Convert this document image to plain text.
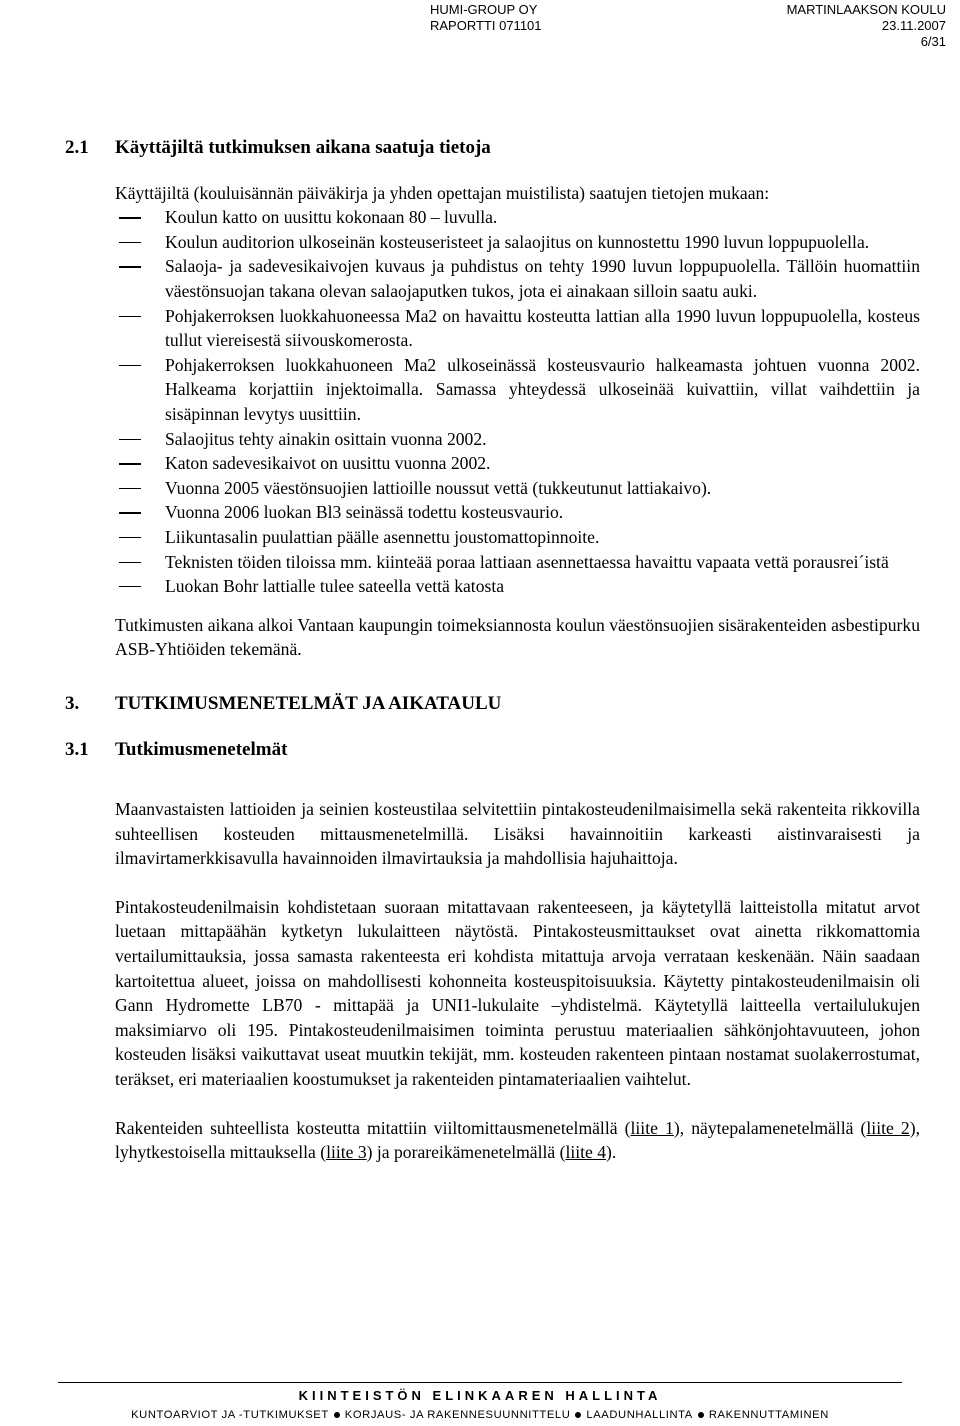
HUMI-GROUP OY
RAPORTTI 071101
MARTINLAAKSON KOULU
23.11.2007
6/31
2.1 Käyttäjiltä tutkimuksen aikana saatuja tietoja
Käyttäjiltä (kouluisännän päiväkirja ja yhden opettajan muistilista) saatujen tietojen mukaan:
Koulun katto on uusittu kokonaan 80 – luvulla.
Koulun auditorion ulkoseinän kosteuseristeet ja salaojitus on kunnostettu 1990 luvun loppupuolella.
Salaoja- ja sadevesikaivojen kuvaus ja puhdistus on tehty 1990 luvun loppupuolella. Tällöin huomattiin väestönsuojan takana olevan salaojaputken tukos, jota ei ainakaan silloin saatu auki.
Pohjakerroksen luokkahuoneessa Ma2 on havaittu kosteutta lattian alla 1990 luvun loppupuolella, kosteus tullut viereisestä siivouskomerosta.
Pohjakerroksen luokkahuoneen Ma2 ulkoseinässä kosteusvaurio halkeamasta johtuen vuonna 2002. Halkeama korjattiin injektoimalla. Samassa yhteydessä ulkoseinää kuivattiin, villat vaihdettiin ja sisäpinnan levytys uusittiin.
Salaojitus tehty ainakin osittain vuonna 2002.
Katon sadevesikaivot on uusittu vuonna 2002.
Vuonna 2005 väestönsuojien lattioille noussut vettä (tukkeutunut lattiakaivo).
Vuonna 2006 luokan Bl3 seinässä todettu kosteusvaurio.
Liikuntasalin puulattian päälle asennettu joustomattopinnoite.
Teknisten töiden tiloissa mm. kiinteää poraa lattiaan asennettaessa havaittu vapaata vettä porausrei´istä
Luokan Bohr lattialle tulee sateella vettä katosta
Tutkimusten aikana alkoi Vantaan kaupungin toimeksiannosta koulun väestönsuojien sisärakenteiden asbestipurku ASB-Yhtiöiden tekemänä.
3. TUTKIMUSMENETELMÄT JA AIKATAULU
3.1 Tutkimusmenetelmät
Maanvastaisten lattioiden ja seinien kosteustilaa selvitettiin pintakosteudenilmaisimella sekä rakenteita rikkovilla suhteellisen kosteuden mittausmenetelmillä. Lisäksi havainnoitiin karkeasti aistinvaraisesti ja ilmavirtamerkkisavulla havainnoiden ilmavirtauksia ja mahdollisia hajuhaittoja.
Pintakosteudenilmaisin kohdistetaan suoraan mitattavaan rakenteeseen, ja käytetyllä laitteistolla mitatut arvot luetaan mittapäähän kytketyn lukulaitteen näytöstä. Pintakosteusmittaukset ovat ainetta rikkomattomia vertailumittauksia, jossa samasta rakenteesta eri kohdista mitattuja arvoja verrataan keskenään. Näin saadaan kartoitettua alueet, joissa on mahdollisesti kohonneita kosteuspitoisuuksia. Käytetty pintakosteudenilmaisin oli Gann Hydromette LB70 - mittapää ja UNI1-lukulaite –yhdistelmä. Käytetyllä laitteella vertailulukujen maksimiarvo oli 195. Pintakosteudenilmaisimen toiminta perustuu materiaalien sähkönjohtavuuteen, johon kosteuden lisäksi vaikuttavat useat muutkin tekijät, mm. kosteuden rakenteen pintaan nostamat suolakerrostumat, teräkset, eri materiaalien koostumukset ja rakenteiden pintamateriaalien vaihtelut.
Rakenteiden suhteellista kosteutta mitattiin viiltomittausmenetelmällä (liite 1), näytepalamenetelmällä (liite 2), lyhytkestoisella mittauksella (liite 3) ja porareikämenetelmällä (liite 4).
KIINTEISTÖN ELINKAAREN HALLINTA
KUNTOARVIOT JA -TUTKIMUKSET KORJAUS- JA RAKENNESUUNNITTELU LAADUNHALLINTA RAKENNUTTAMINEN
